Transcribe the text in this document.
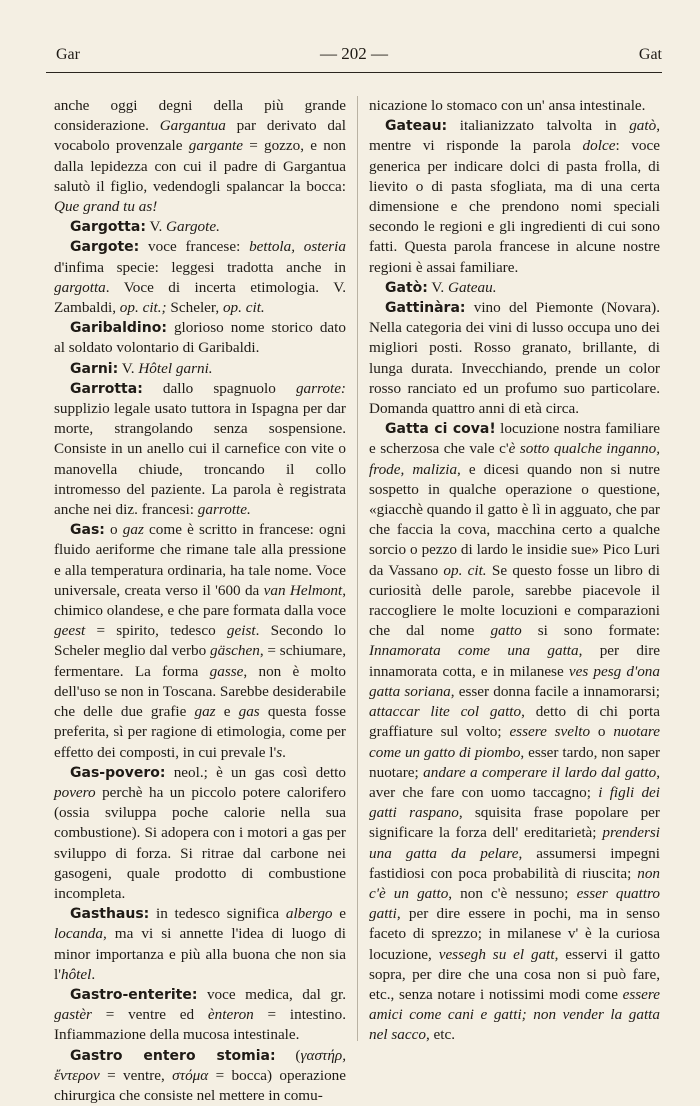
Gar	— 202 —	Gat

anche oggi degni della più grande considerazione. Gargantua par derivato dal vocabolo provenzale gargante = gozzo, e non dalla lepidezza con cui il padre di Gargantua salutò il figlio, vedendogli spalancar la bocca: Que grand tu as!

Gargotta: V. Gargote.

Gargote: voce francese: bettola, osteria d'infima specie: leggesi tradotta anche in gargotta. Voce di incerta etimologia. V. Zambaldi, op. cit.; Scheler, op. cit.

Garibaldino: glorioso nome storico dato al soldato volontario di Garibaldi.

Garni: V. Hôtel garni.

Garrotta: dallo spagnuolo garrote: supplizio legale usato tuttora in Ispagna per dar morte, strangolando senza sospensione. Consiste in un anello cui il carnefice con vite o manovella chiude, troncando il collo intromesso del paziente. La parola è registrata anche nei diz. francesi: garrotte.

Gas: o gaz come è scritto in francese: ogni fluido aeriforme che rimane tale alla pressione e alla temperatura ordinaria, ha tale nome. Voce universale, creata verso il '600 da van Helmont, chimico olandese, e che pare formata dalla voce geest = spirito, tedesco geist. Secondo lo Scheler meglio dal verbo gäschen, = schiumare, fermentare. La forma gasse, non è molto dell'uso se non in Toscana. Sarebbe desiderabile che delle due grafie gaz e gas questa fosse preferita, sì per ragione di etimologia, come per effetto dei composti, in cui prevale l's.

Gas-povero: neol.; è un gas così detto povero perchè ha un piccolo potere calorifero (ossia sviluppa poche calorie nella sua combustione). Si adopera con i motori a gas per sviluppo di forza. Si ritrae dal carbone nei gasogeni, quale prodotto di combustione incompleta.

Gasthaus: in tedesco significa albergo e locanda, ma vi si annette l'idea di luogo di minor importanza e più alla buona che non sia l'hôtel.

Gastro-enterite: voce medica, dal gr. gastèr = ventre ed ènteron = intestino. Infiammazione della mucosa intestinale.

Gastro entero stomia: (γαστήρ, ἔντερον = ventre, στόμα = bocca) operazione chirurgica che consiste nel mettere in comu-

nicazione lo stomaco con un' ansa intestinale.

Gateau: italianizzato talvolta in gatò, mentre vi risponde la parola dolce: voce generica per indicare dolci di pasta frolla, di lievito o di pasta sfogliata, ma di una certa dimensione e che prendono nomi speciali secondo le regioni e gli ingredienti di cui sono fatti. Questa parola francese in alcune nostre regioni è assai familiare.

Gatò: V. Gateau.

Gattinàra: vino del Piemonte (Novara). Nella categoria dei vini di lusso occupa uno dei migliori posti. Rosso granato, brillante, di lunga durata. Invecchiando, prende un color rosso ranciato ed un profumo suo particolare. Domanda quattro anni di età circa.

Gatta ci cova! locuzione nostra familiare e scherzosa che vale c'è sotto qualche inganno, frode, malizia, e dicesi quando non si nutre sospetto in qualche operazione o questione, «giacchè quando il gatto è lì in agguato, che par che faccia la cova, macchina certo a qualche sorcio o pezzo di lardo le insidie sue» Pico Luri da Vassano op. cit. Se questo fosse un libro di curiosità delle parole, sarebbe piacevole il raccogliere le molte locuzioni e comparazioni che dal nome gatto si sono formate: Innamorata come una gatta, per dire innamorata cotta, e in milanese ves pesg d'ona gatta soriana, esser donna facile a innamorarsi; attaccar lite col gatto, detto di chi porta graffiature sul volto; essere svelto o nuotare come un gatto di piombo, esser tardo, non saper nuotare; andare a comperare il lardo dal gatto, aver che fare con uomo taccagno; i figli dei gatti raspano, squisita frase popolare per significare la forza dell' ereditarietà; prendersi una gatta da pelare, assumersi impegni fastidiosi con poca probabilità di riuscita; non c'è un gatto, non c'è nessuno; esser quattro gatti, per dire essere in pochi, ma in senso faceto di sprezzo; in milanese v' è la curiosa locuzione, vessegh su el gatt, esservi il gatto sopra, per dire che una cosa non si può fare, etc., senza notare i notissimi modi come essere amici come cani e gatti; non vender la gatta nel sacco, etc.
